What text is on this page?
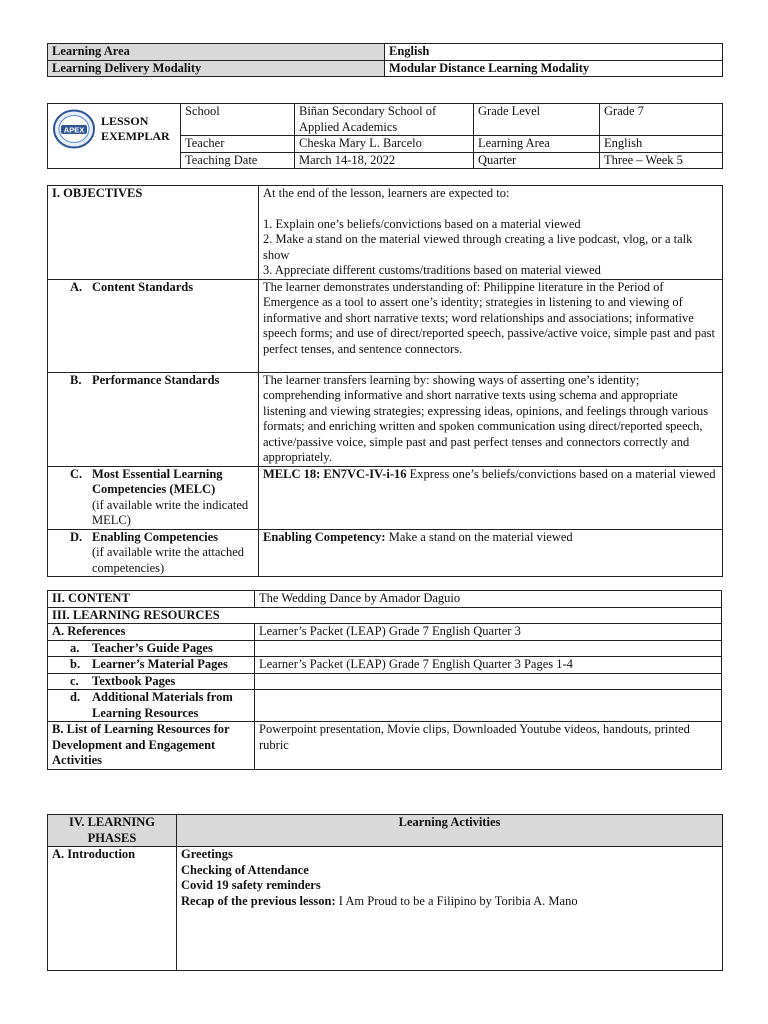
Learning Area	English
Learning Delivery Modality	Modular Distance Learning Modality
APEX
LESSON EXEMPLAR	School	Biñan Secondary School of Applied Academics	Grade Level	Grade 7
	Teacher	Cheska Mary L. Barcelo	Learning Area	English
	Teaching Date	March 14-18, 2022	Quarter	Three – Week 5
I. OBJECTIVES	At the end of the lesson, learners are expected to:
1. Explain one’s beliefs/convictions based on a material viewed
2. Make a stand on the material viewed through creating a live podcast, vlog, or a talk show
3. Appreciate different customs/traditions based on material viewed

A. Content Standards	The learner demonstrates understanding of: Philippine literature in the Period of Emergence as a tool to assert one’s identity; strategies in listening to and viewing of informative and short narrative texts; word relationships and associations; informative speech forms; and use of direct/reported speech, passive/active voice, simple past and past perfect tenses, and sentence connectors.

B. Performance Standards	The learner transfers learning by: showing ways of asserting one’s identity; comprehending informative and short narrative texts using schema and appropriate listening and viewing strategies; expressing ideas, opinions, and feelings through various formats; and enriching written and spoken communication using direct/reported speech, active/passive voice, simple past and past perfect tenses and connectors correctly and appropriately.

C. Most Essential Learning Competencies (MELC)
(if available write the indicated MELC)	MELC 18: EN7VC-IV-i-16 Express one’s beliefs/convictions based on a material viewed

D. Enabling Competencies
(if available write the attached competencies)	Enabling Competency: Make a stand on the material viewed
II. CONTENT	The Wedding Dance by Amador Daguio
III. LEARNING RESOURCES	
A. References	Learner’s Packet (LEAP) Grade 7 English Quarter 3

a. Teacher’s Guide Pages	

b. Learner’s Material Pages	Learner’s Packet (LEAP) Grade 7 English Quarter 3 Pages 1-4

c. Textbook Pages	

d. Additional Materials from Learning Resources	

B. List of Learning Resources for Development and Engagement Activities	Powerpoint presentation, Movie clips, Downloaded Youtube videos, handouts, printed rubric
IV. LEARNING PHASES	Learning Activities
A. Introduction	Greetings

Checking of Attendance

Covid 19 safety reminders

Recap of the previous lesson: I Am Proud to be a Filipino by Toribia A. Mano
